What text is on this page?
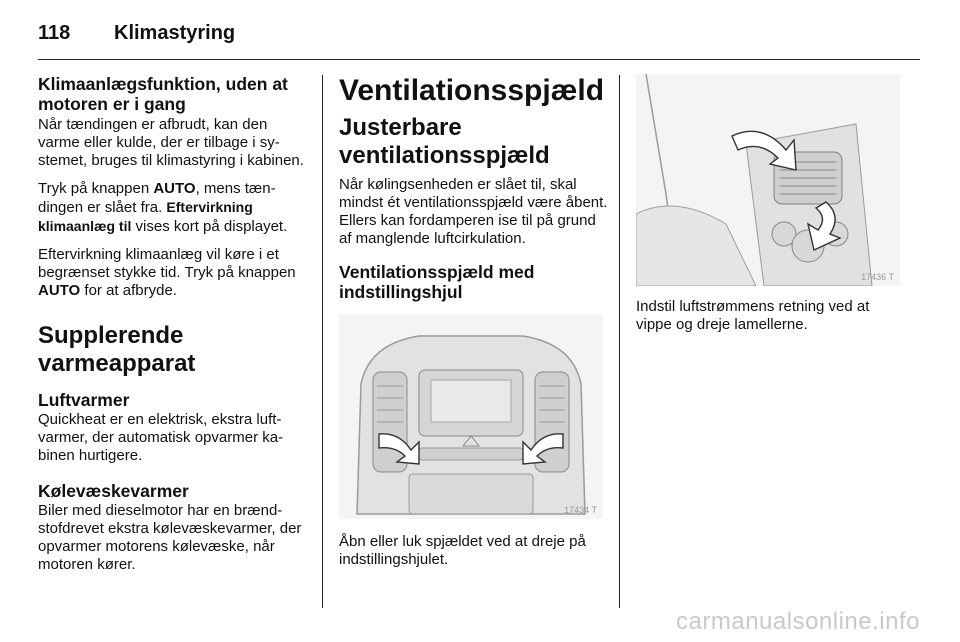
118 Klimastyring
Klimaanlægsfunktion, uden at motoren er i gang

Når tændingen er afbrudt, kan den varme eller kulde, der er tilbage i systemet, bruges til klimastyring i kabinen.

Tryk på knappen AUTO, mens tændingen er slået fra. Eftervirkning klimaanlæg til vises kort på displayet.

Eftervirkning klimaanlæg vil køre i et begrænset stykke tid. Tryk på knappen AUTO for at afbryde.

Supplerende varmeapparat
Luftvarmer

Quickheat er en elektrisk, ekstra luftvarmer, der automatisk opvarmer kabinen hurtigere.

Kølevæskevarmer

Biler med dieselmotor har en brændstofdrevet ekstra kølevæskevarmer, der opvarmer motorens kølevæske, når motoren kører.

Ventilationsspjæld
Justerbare ventilationsspjæld

Når kølingsenheden er slået til, skal mindst ét ventilationsspjæld være åbent. Ellers kan fordamperen ise til på grund af manglende luftcirkulation.

Ventilationsspjæld med indstillingshjul
17434 T

Åbn eller luk spjældet ved at dreje på indstillingshjulet.

17436 T

Indstil luftstrømmens retning ved at vippe og dreje lamellerne.

carmanualsonline.info
